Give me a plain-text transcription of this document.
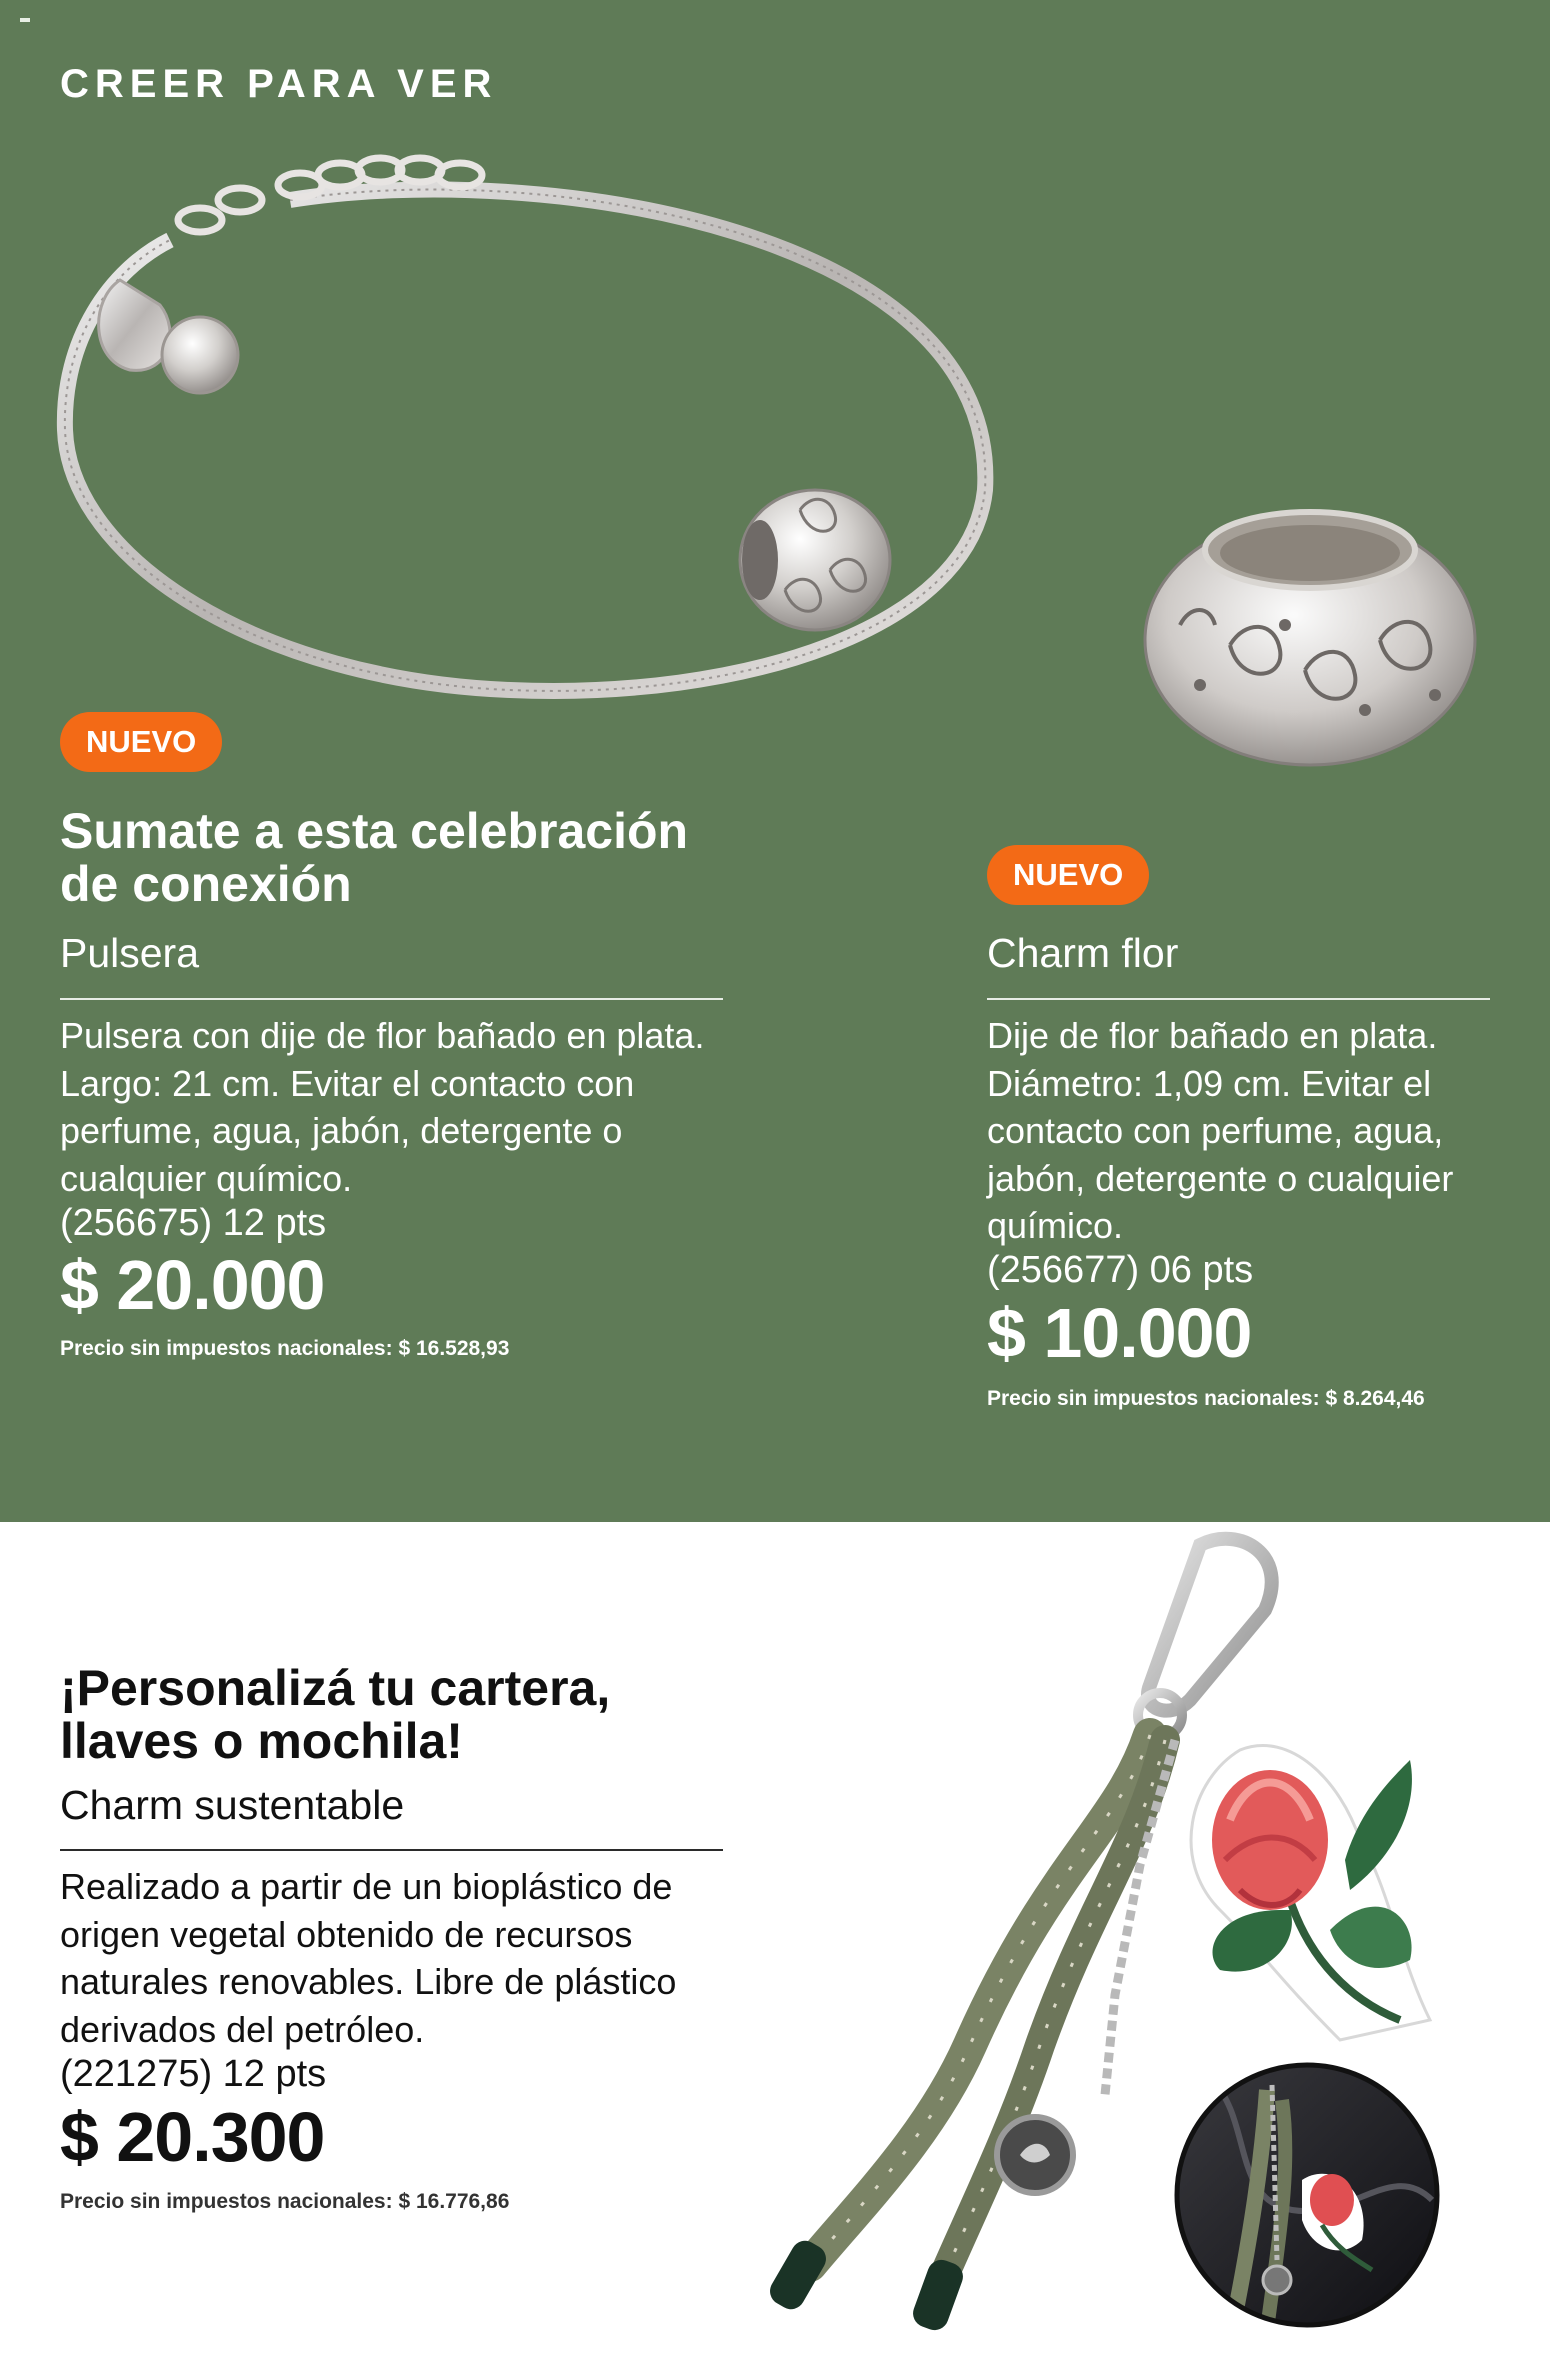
CREER PARA VER
NUEVO
Sumate a esta celebración
de conexión
Pulsera
Pulsera con dije de flor bañado en plata.
Largo: 21 cm. Evitar el contacto con
perfume, agua, jabón, detergente o
cualquier químico.
(256675) 12 pts
$ 20.000
Precio sin impuestos nacionales: $ 16.528,93
NUEVO
Charm flor
Dije de flor bañado en plata.
Diámetro: 1,09 cm. Evitar el
contacto con perfume, agua,
jabón, detergente o cualquier
químico.
(256677) 06 pts
$ 10.000
Precio sin impuestos nacionales: $ 8.264,46
¡Personalizá tu cartera,
llaves o mochila!
Charm sustentable
Realizado a partir de un bioplástico de
origen vegetal obtenido de recursos
naturales renovables. Libre de plástico
derivados del petróleo.
(221275) 12 pts
$ 20.300
Precio sin impuestos nacionales: $ 16.776,86
